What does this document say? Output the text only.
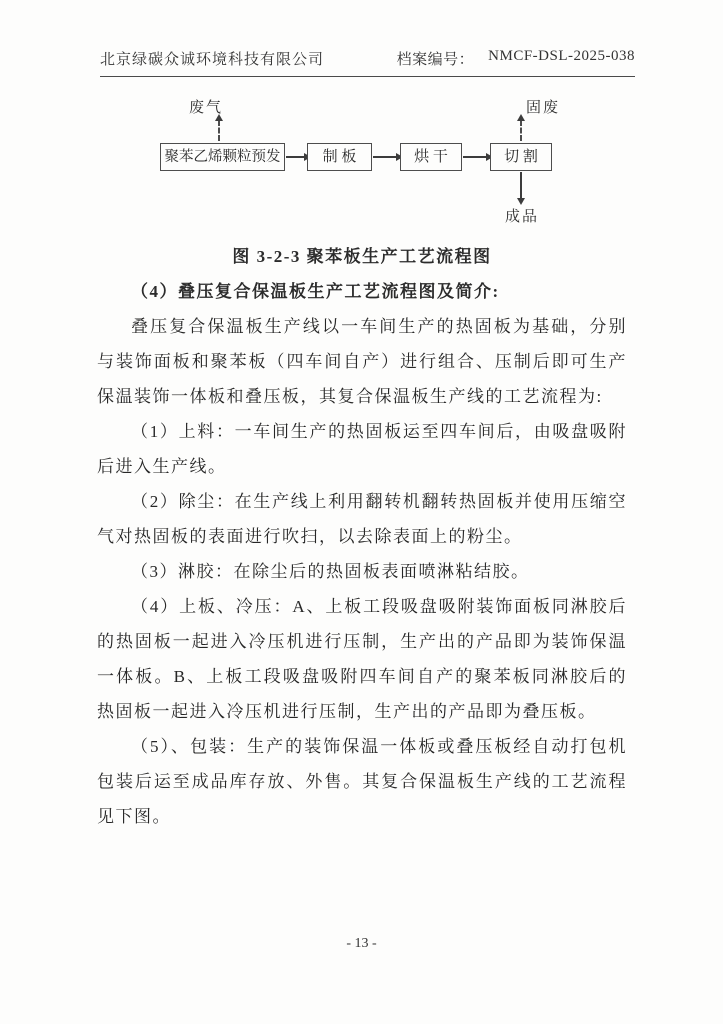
北京绿碳众诚环境科技有限公司	档案编号： NMCF-DSL-2025-038
废气
聚苯乙烯颗粒预发	制 板	烘 干	切 割
固废
成品
图 3-2-3 聚苯板生产工艺流程图
（4）叠压复合保温板生产工艺流程图及简介:

叠压复合保温板生产线以一车间生产的热固板为基础，分别与装饰面板和聚苯板（四车间自产）进行组合、压制后即可生产保温装饰一体板和叠压板，其复合保温板生产线的工艺流程为:

（1）上料：一车间生产的热固板运至四车间后，由吸盘吸附后进入生产线。

（2）除尘：在生产线上利用翻转机翻转热固板并使用压缩空气对热固板的表面进行吹扫，以去除表面上的粉尘。

（3）淋胶：在除尘后的热固板表面喷淋粘结胶。

（4）上板、冷压：A、上板工段吸盘吸附装饰面板同淋胶后的热固板一起进入冷压机进行压制，生产出的产品即为装饰保温一体板。B、上板工段吸盘吸附四车间自产的聚苯板同淋胶后的热固板一起进入冷压机进行压制，生产出的产品即为叠压板。

（5）、包装：生产的装饰保温一体板或叠压板经自动打包机包装后运至成品库存放、外售。其复合保温板生产线的工艺流程见下图。

- 13 -
